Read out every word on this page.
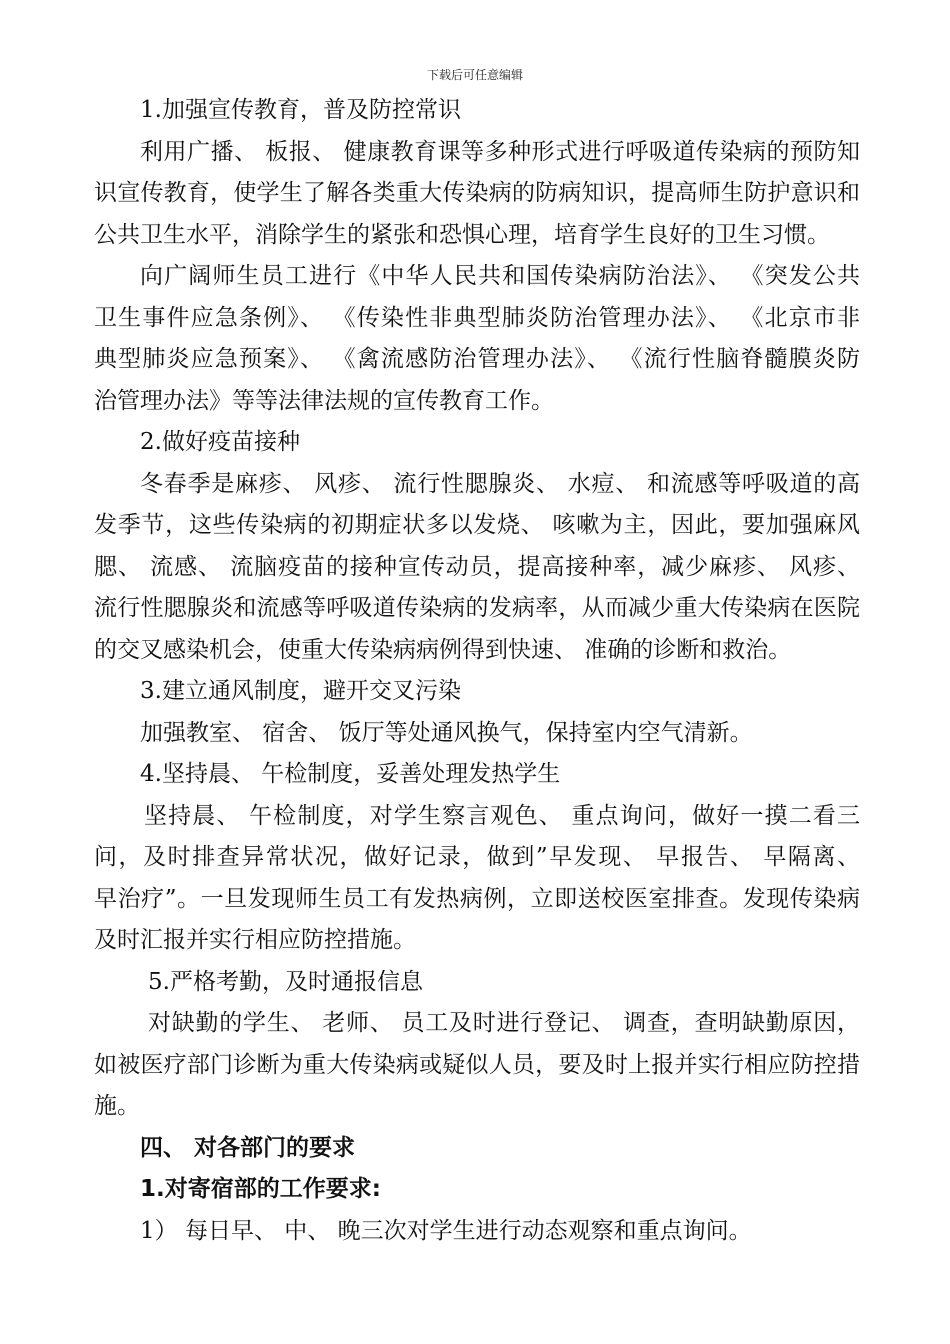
下载后可任意编辑
1.加强宣传教育，普及防控常识
利用广播、 板报、 健康教育课等多种形式进行呼吸道传染病的预防知
识宣传教育，使学生了解各类重大传染病的防病知识，提高师生防护意识和
公共卫生水平，消除学生的紧张和恐惧心理，培育学生良好的卫生习惯。
向广阔师生员工进行《中华人民共和国传染病防治法》、 《突发公共
卫生事件应急条例》、 《传染性非典型肺炎防治管理办法》、 《北京市非
典型肺炎应急预案》、 《禽流感防治管理办法》、 《流行性脑脊髓膜炎防
治管理办法》等等法律法规的宣传教育工作。
2.做好疫苗接种
冬春季是麻疹、 风疹、 流行性腮腺炎、 水痘、 和流感等呼吸道的高
发季节，这些传染病的初期症状多以发烧、 咳嗽为主，因此，要加强麻风
腮、 流感、 流脑疫苗的接种宣传动员，提高接种率，减少麻疹、 风疹、
流行性腮腺炎和流感等呼吸道传染病的发病率，从而减少重大传染病在医院
的交叉感染机会，使重大传染病病例得到快速、 准确的诊断和救治。
3.建立通风制度，避开交叉污染
加强教室、 宿舍、 饭厅等处通风换气，保持室内空气清新。
4.坚持晨、 午检制度，妥善处理发热学生
坚持晨、 午检制度，对学生察言观色、 重点询问，做好一摸二看三
问，及时排查异常状况，做好记录，做到”早发现、 早报告、 早隔离、
早治疗”。一旦发现师生员工有发热病例，立即送校医室排查。发现传染病
及时汇报并实行相应防控措施。
5.严格考勤，及时通报信息
对缺勤的学生、 老师、 员工及时进行登记、 调查，查明缺勤原因，
如被医疗部门诊断为重大传染病或疑似人员，要及时上报并实行相应防控措
施。
四、 对各部门的要求
1.对寄宿部的工作要求:
1） 每日早、 中、 晚三次对学生进行动态观察和重点询问。
